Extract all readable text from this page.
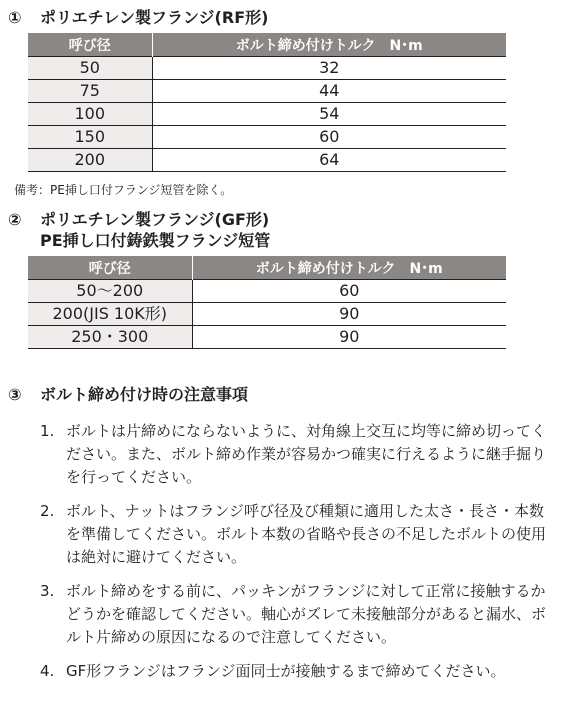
① ポリエチレン製フランジ(RF形)
呼び径	ボルト締め付けトルク　N･m
50	32
75	44
100	54
150	60
200	64
備考：PE挿し口付フランジ短管を除く。
② ポリエチレン製フランジ(GF形)
PE挿し口付鋳鉄製フランジ短管
呼び径	ボルト締め付けトルク　N･m
50～200	60
200(JIS 10K形)	90
250・300	90
③ ボルト締め付け時の注意事項
1. ボルトは片締めにならないように、対角線上交互に均等に締め切ってください。また、ボルト締め作業が容易かつ確実に行えるように継手掘りを行ってください。
2. ボルト、ナットはフランジ呼び径及び種類に適用した太さ・長さ・本数を準備してください。ボルト本数の省略や長さの不足したボルトの使用は絶対に避けてください。
3. ボルト締めをする前に、パッキンがフランジに対して正常に接触するかどうかを確認してください。軸心がズレて未接触部分があると漏水、ボルト片締めの原因になるので注意してください。
4. GF形フランジはフランジ面同士が接触するまで締めてください。
